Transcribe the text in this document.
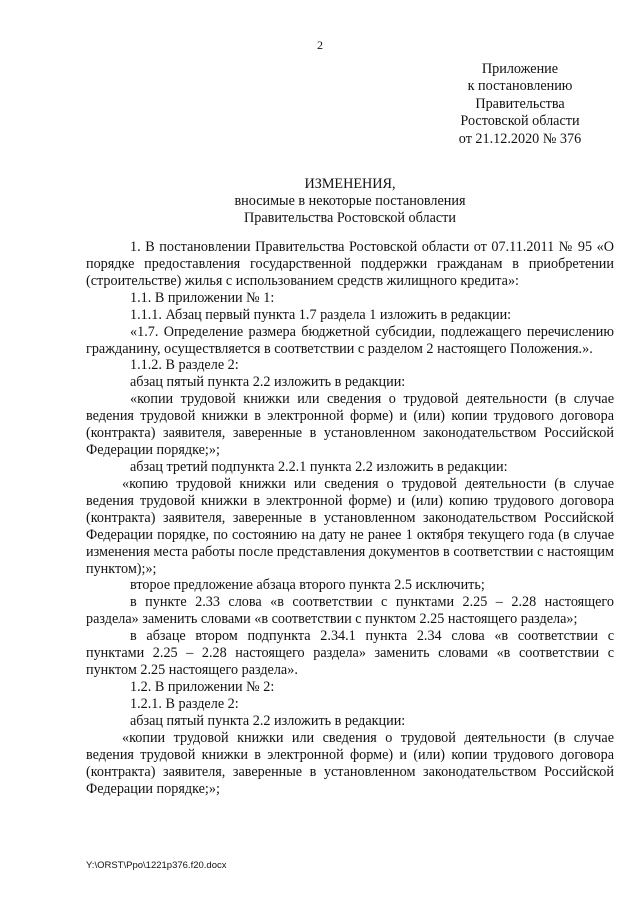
2
Приложение
к постановлению
Правительства
Ростовской области
от 21.12.2020 № 376
ИЗМЕНЕНИЯ,
вносимые в некоторые постановления
Правительства Ростовской области
1. В постановлении Правительства Ростовской области от 07.11.2011 № 95 «О порядке предоставления государственной поддержки гражданам в приобретении (строительстве) жилья с использованием средств жилищного кредита»:
1.1. В приложении № 1:
1.1.1. Абзац первый пункта 1.7 раздела 1 изложить в редакции:
«1.7. Определение размера бюджетной субсидии, подлежащего перечислению гражданину, осуществляется в соответствии с разделом 2 настоящего Положения.».
1.1.2. В разделе 2:
абзац пятый пункта 2.2 изложить в редакции:
«копии трудовой книжки или сведения о трудовой деятельности (в случае ведения трудовой книжки в электронной форме) и (или) копии трудового договора (контракта) заявителя, заверенные в установленном законодательством Российской Федерации порядке;»;
абзац третий подпункта 2.2.1 пункта 2.2 изложить в редакции:
«копию трудовой книжки или сведения о трудовой деятельности (в случае ведения трудовой книжки в электронной форме) и (или) копию трудового договора (контракта) заявителя, заверенные в установленном законодательством Российской Федерации порядке, по состоянию на дату не ранее 1 октября текущего года (в случае изменения места работы после представления документов в соответствии с настоящим пунктом);»;
второе предложение абзаца второго пункта 2.5 исключить;
в пункте 2.33 слова «в соответствии с пунктами 2.25 – 2.28 настоящего раздела» заменить словами «в соответствии с пунктом 2.25 настоящего раздела»;
в абзаце втором подпункта 2.34.1 пункта 2.34 слова «в соответствии с пунктами 2.25 – 2.28 настоящего раздела» заменить словами «в соответствии с пунктом 2.25 настоящего раздела».
1.2. В приложении № 2:
1.2.1. В разделе 2:
абзац пятый пункта 2.2 изложить в редакции:
«копии трудовой книжки или сведения о трудовой деятельности (в случае ведения трудовой книжки в электронной форме) и (или) копии трудового договора (контракта) заявителя, заверенные в установленном законодательством Российской Федерации порядке;»;
Y:\ORST\Ppo\1221p376.f20.docx
